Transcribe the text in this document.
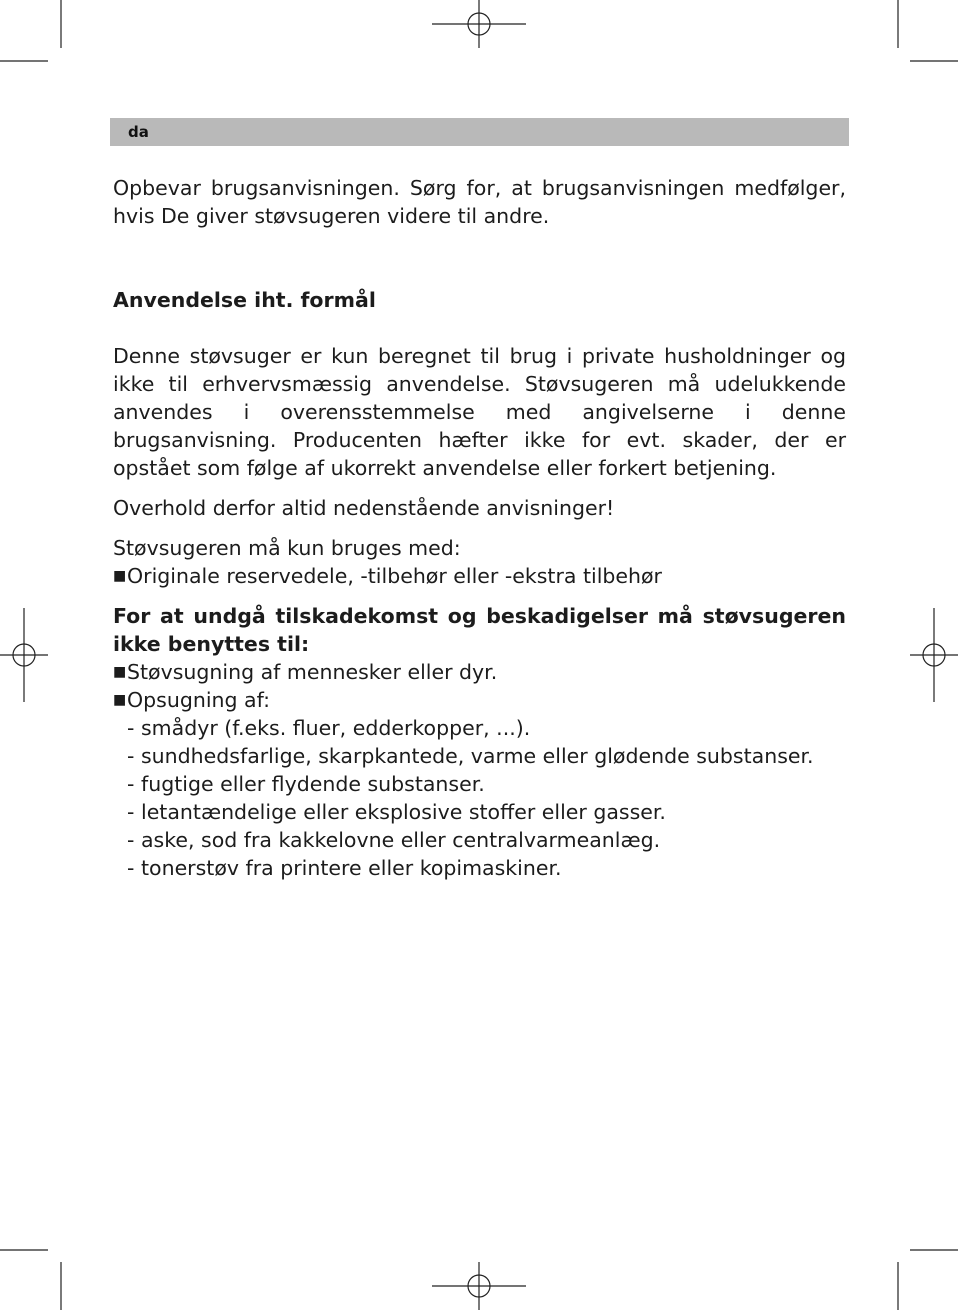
da

Opbevar brugsanvisningen. Sørg for, at brugsanvisningen medfølger, hvis De giver støvsugeren videre til andre.

Anvendelse iht. formål

Denne støvsuger er kun beregnet til brug i private husholdninger og ikke til erhvervsmæssig anvendelse. Støvsugeren må udelukkende anvendes i overensstemmelse med angivelserne i denne brugsanvisning. Producenten hæfter ikke for evt. skader, der er opstået som følge af ukorrekt anvendelse eller forkert betjening.

Overhold derfor altid nedenstående anvisninger!

Støvsugeren må kun bruges med:

■ Originale reservedele, -tilbehør eller -ekstra tilbehør

For at undgå tilskadekomst og beskadigelser må støvsugeren ikke benyttes til:

■ Støvsugning af mennesker eller dyr.
■ Opsugning af:
- smådyr (f.eks. fluer, edderkopper, ...).
- sundhedsfarlige, skarpkantede, varme eller glødende substanser.
- fugtige eller flydende substanser.
- letantændelige eller eksplosive stoffer eller gasser.
- aske, sod fra kakkelovne eller centralvarmeanlæg.
- tonerstøv fra printere eller kopimaskiner.
